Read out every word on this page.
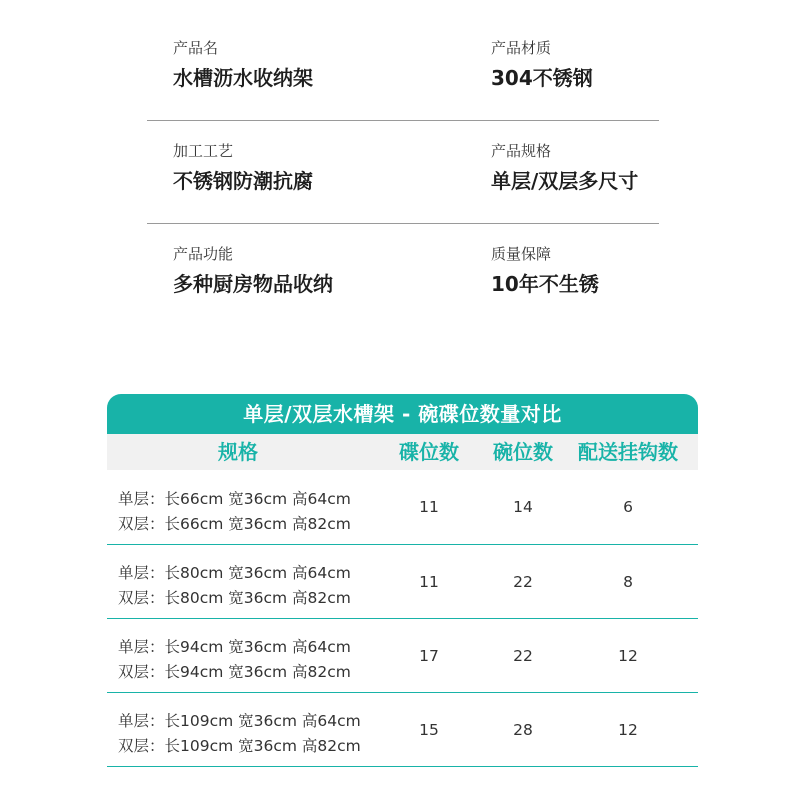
产品名
水槽沥水收纳架
产品材质
304不锈钢
加工工艺
不锈钢防潮抗腐
产品规格
单层/双层多尺寸
产品功能
多种厨房物品收纳
质量保障
10年不生锈
单层/双层水槽架 - 碗碟位数量对比
规格	碟位数	碗位数	配送挂钩数
单层：长66cm 宽36cm 高64cm
双层：长66cm 宽36cm 高82cm
11	14	6
单层：长80cm 宽36cm 高64cm
双层：长80cm 宽36cm 高82cm
11	22	8
单层：长94cm 宽36cm 高64cm
双层：长94cm 宽36cm 高82cm
17	22	12
单层：长109cm 宽36cm 高64cm
双层：长109cm 宽36cm 高82cm
15	28	12
